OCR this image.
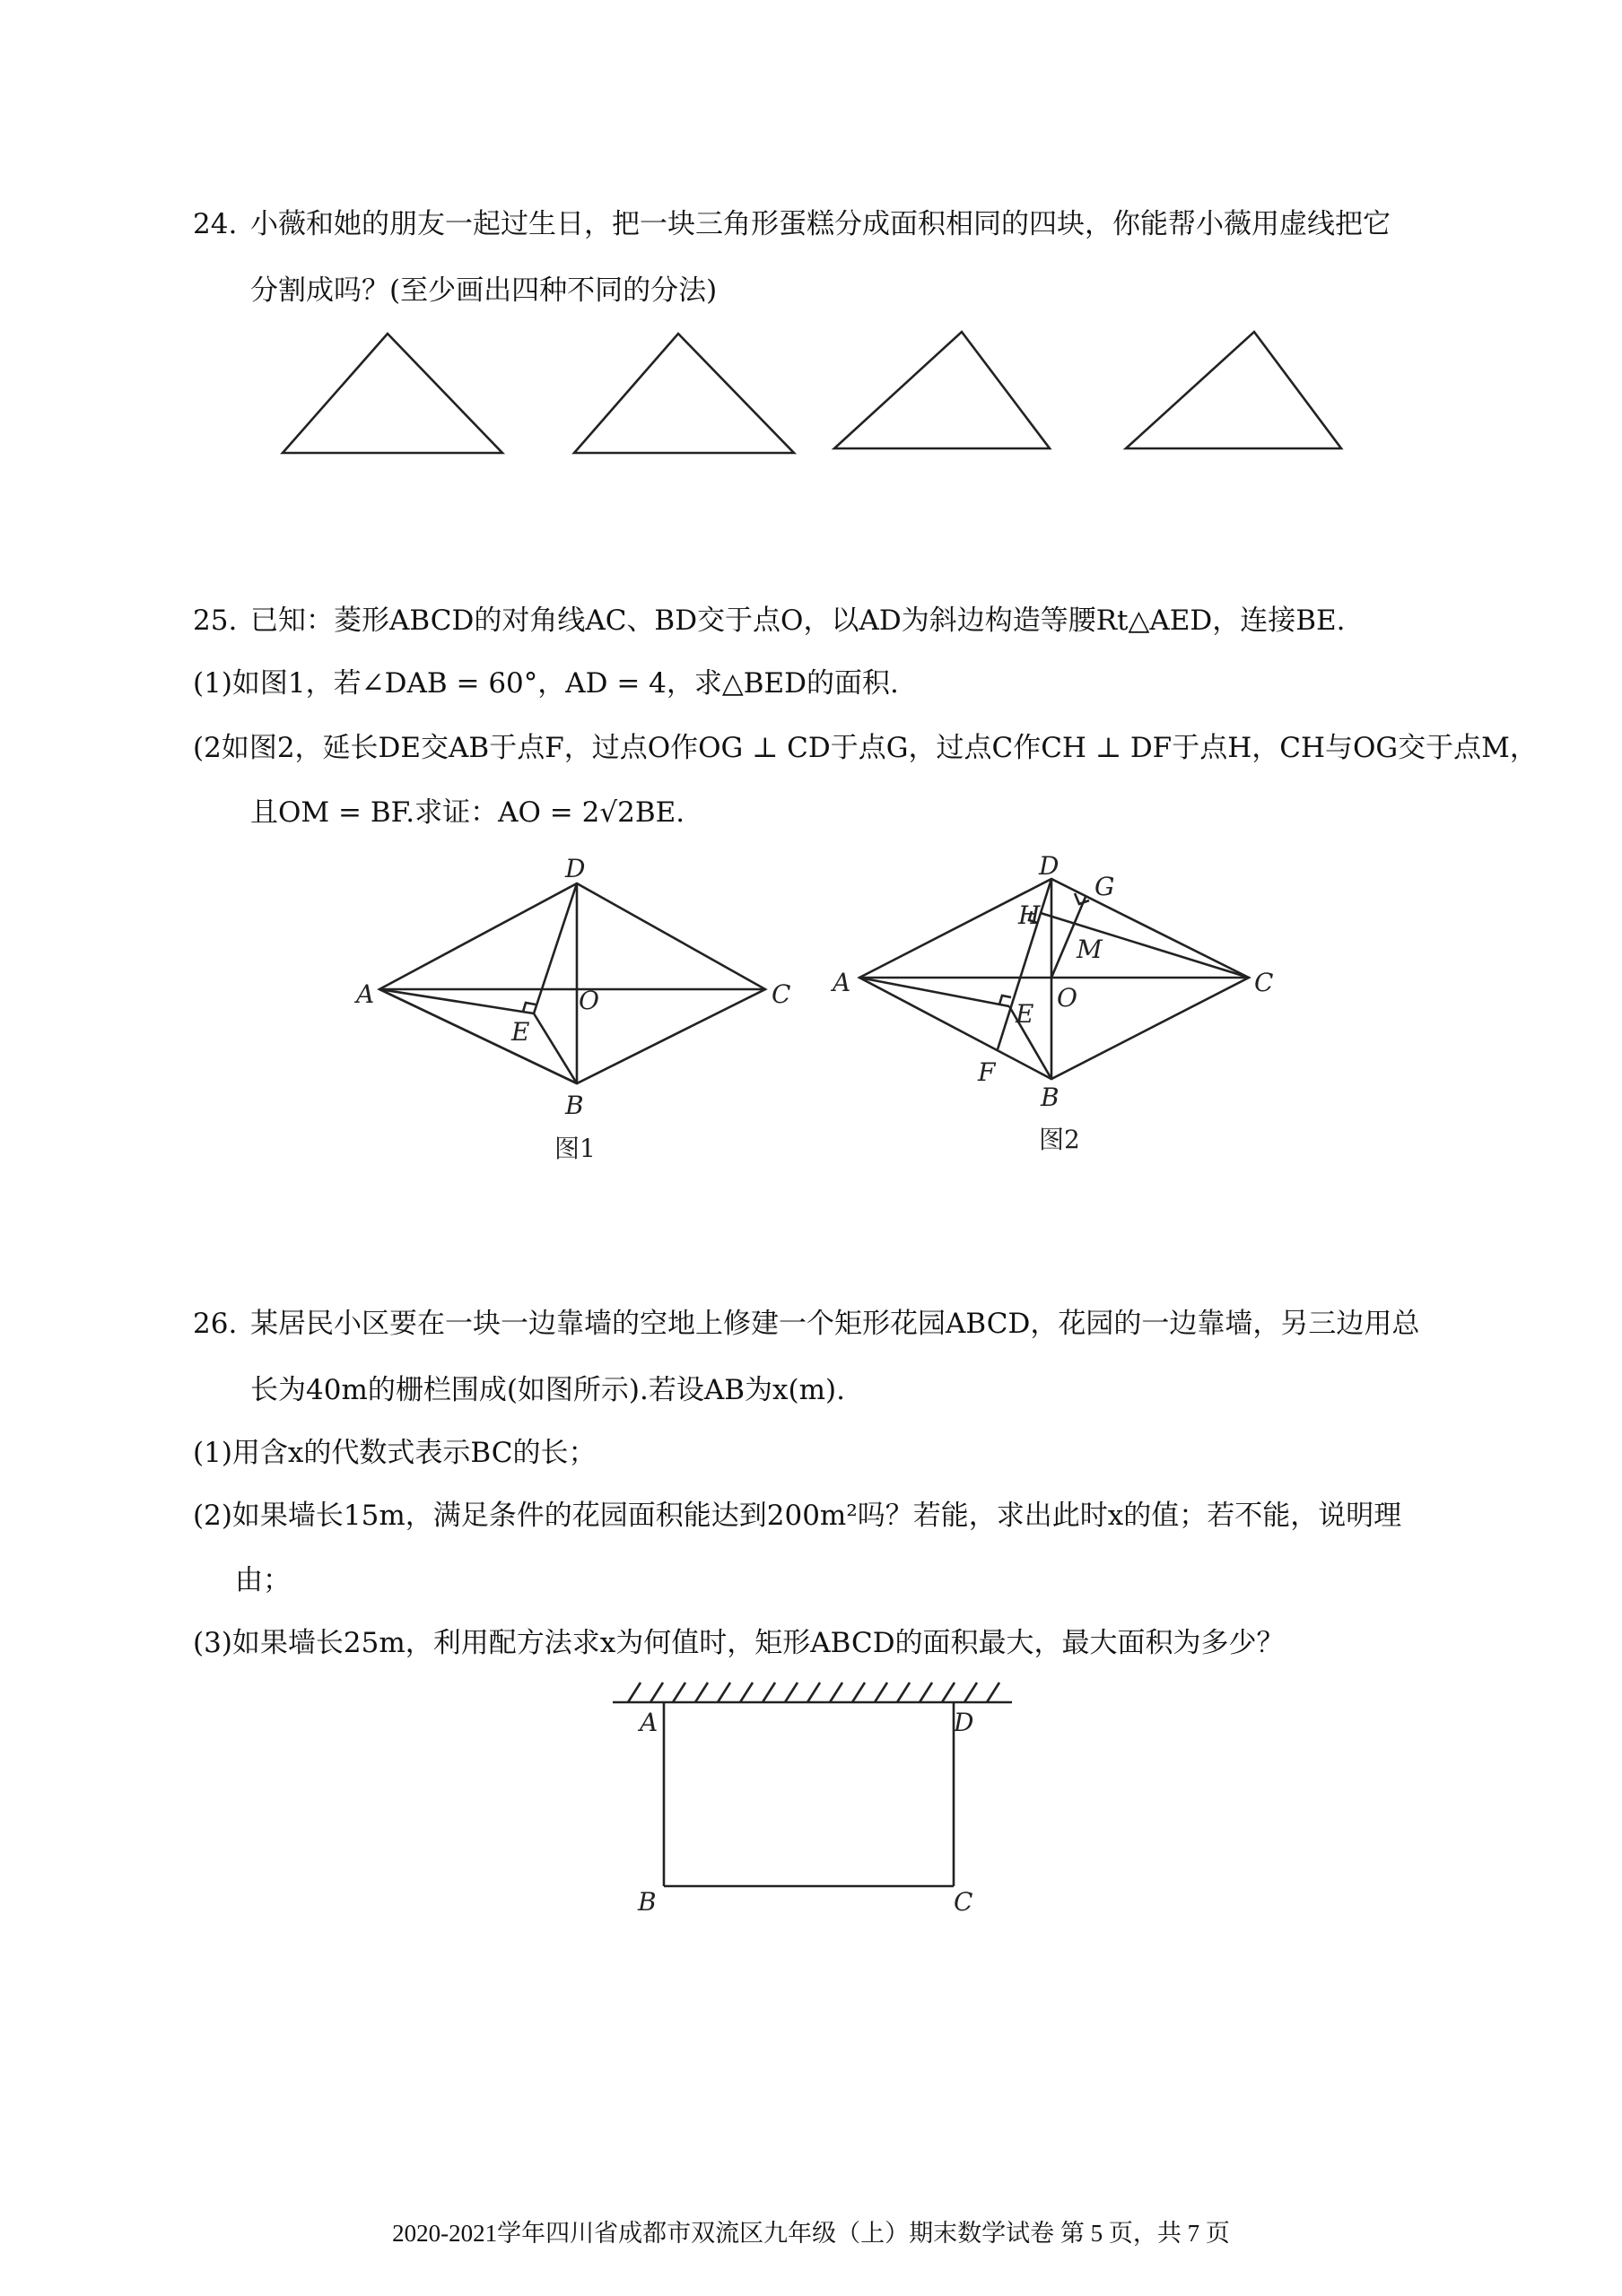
24. 小薇和她的朋友一起过生日，把一块三角形蛋糕分成面积相同的四块，你能帮小薇用虚线把它
分割成吗？(至少画出四种不同的分法)
25. 已知：菱形ABCD的对角线AC、BD交于点O，以AD为斜边构造等腰Rt△AED，连接BE.
(1)如图1，若∠DAB = 60°，AD = 4，求△BED的面积.
(2如图2，延长DE交AB于点F，过点O作OG ⊥ CD于点G，过点C作CH ⊥ DF于点H，CH与OG交于点M，
且OM = BF.求证：AO = 2√2BE.
D
A	C
O
E
B
图1
D
G
H
M
A	C
O
E
F
B
图2
26. 某居民小区要在一块一边靠墙的空地上修建一个矩形花园ABCD，花园的一边靠墙，另三边用总
长为40m的栅栏围成(如图所示).若设AB为x(m).
(1)用含x的代数式表示BC的长；
(2)如果墙长15m，满足条件的花园面积能达到200m²吗？若能，求出此时x的值；若不能，说明理
由；
(3)如果墙长25m，利用配方法求x为何值时，矩形ABCD的面积最大，最大面积为多少？
A	D
B	C
2020-2021学年四川省成都市双流区九年级（上）期末数学试卷 第 5 页，共 7 页
